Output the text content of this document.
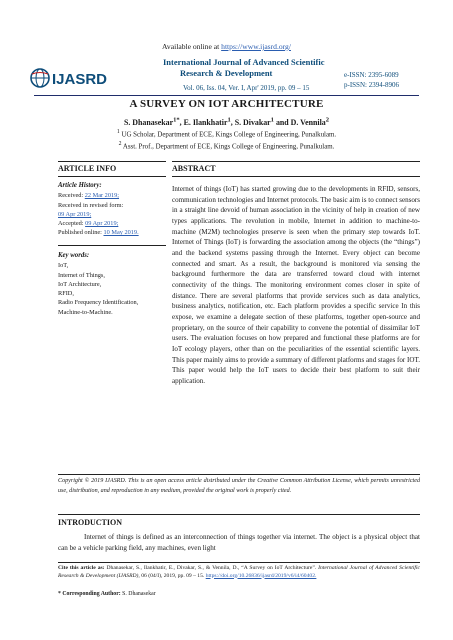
Available online at https://www.ijasrd.org/
IJASRD
International Journal of Advanced Scientific
Research & Development
Vol. 06, Iss. 04, Ver. I, Apr' 2019, pp. 09 – 15
e-ISSN: 2395-6089
p-ISSN: 2394-8906
A SURVEY ON IOT ARCHITECTURE
S. Dhanasekar$^{1*}$, E. Ilankhatir$^1$, S. Divakar$^1$ and D. Vennila$^2$
$^1$ UG Scholar, Department of ECE, Kings College of Engineering, Punalkulam.
$^2$ Asst. Prof., Department of ECE, Kings College of Engineering, Punalkulam.
ARTICLE INFO	ABSTRACT
Article History:
Received: 22 Mar 2019;
Received in revised form:
09 Apr 2019;
Accepted: 09 Apr 2019;
Published online: 10 May 2019.
Key words:
IoT,
Internet of Things,
IoT Architecture,
RFID,
Radio Frequency Identification,
Machine-to-Machine.
Internet of things (IoT) has started growing due to the developments in RFID, sensors, communication technologies and Internet protocols. The basic aim is to connect sensors in a straight line devoid of human association in the vicinity of help in creation of new types applications. The revolution in mobile, Internet in addition to machine-to-machine (M2M) technologies preserve is seen when the primary step towards IoT. Internet of Things (IoT) is forwarding the association among the objects (the “things”) and the backend systems passing through the Internet. Every object can become connected and smart. As a result, the background is monitored via sensing the background furthermore the data are transferred toward cloud with internet connectivity of the things. The monitoring environment comes closer in spite of distance. There are several platforms that provide services such as data analytics, business analytics, notification, etc. Each platform provides a specific service In this expose, we examine a delegate section of these platforms, together open-source and proprietary, on the source of their capability to convene the potential of dissimilar IoT users. The evaluation focuses on how prepared and functional these platforms are for IoT ecology players, other than on the peculiarities of the essential scientific layers. This paper mainly aims to provide a summary of different platforms and stages for IOT. This paper would help the IoT users to decide their best platform to suit their application.
Copyright © 2019 IJASRD. This is an open access article distributed under the Creative Common Attribution License, which permits unrestricted use, distribution, and reproduction in any medium, provided the original work is properly cited.
INTRODUCTION
Internet of things is defined as an interconnection of things together via internet. The object is a physical object that can be a vehicle parking field, any machines, even light
Cite this article as: Dhanasekar, S., Ilankhatir, E., Divakar, S., & Vennila, D., “A Survey on IoT Architecture”. International Journal of Advanced Scientific Research & Development (IJASRD), 06 (04/I), 2019, pp. 09 – 15. https://doi.org/10.26836/ijasrd/2019/v6/i4/60402.
* Corresponding Author: S. Dhanasekar
